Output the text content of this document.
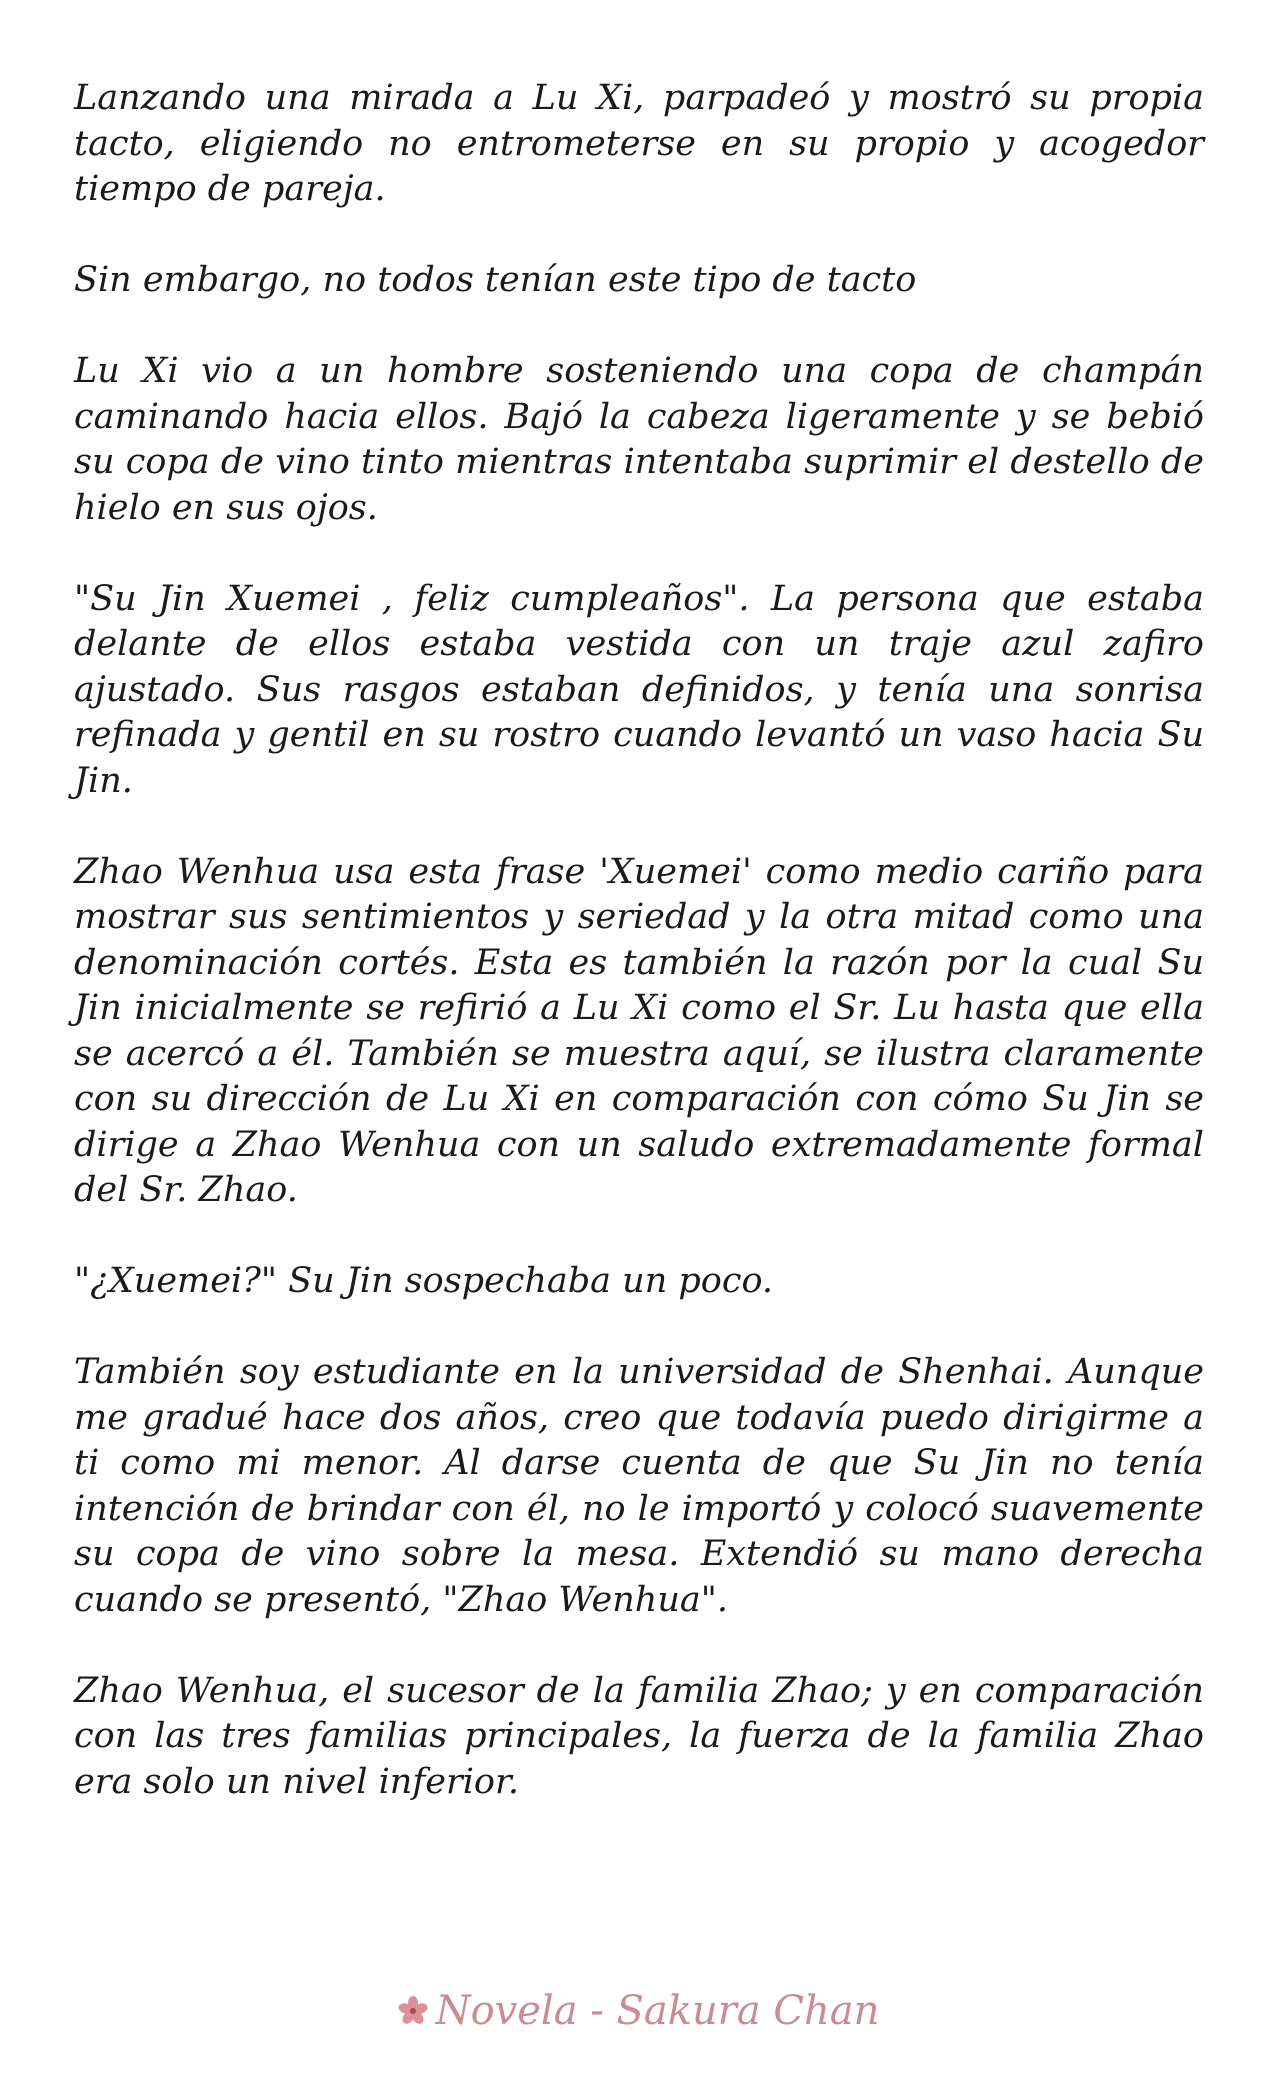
Lanzando una mirada a Lu Xi, parpadeó y mostró su propia tacto, eligiendo no entrometerse en su propio y acogedor tiempo de pareja.

Sin embargo, no todos tenían este tipo de tacto

Lu Xi vio a un hombre sosteniendo una copa de champán caminando hacia ellos. Bajó la cabeza ligeramente y se bebió su copa de vino tinto mientras intentaba suprimir el destello de hielo en sus ojos.

"Su Jin Xuemei , feliz cumpleaños". La persona que estaba delante de ellos estaba vestida con un traje azul zafiro ajustado. Sus rasgos estaban definidos, y tenía una sonrisa refinada y gentil en su rostro cuando levantó un vaso hacia Su Jin.

Zhao Wenhua usa esta frase 'Xuemei' como medio cariño para mostrar sus sentimientos y seriedad y la otra mitad como una denominación cortés. Esta es también la razón por la cual Su Jin inicialmente se refirió a Lu Xi como el Sr. Lu hasta que ella se acercó a él. También se muestra aquí, se ilustra claramente con su dirección de Lu Xi en comparación con cómo Su Jin se dirige a Zhao Wenhua con un saludo extremadamente formal del Sr. Zhao.

"¿Xuemei?" Su Jin sospechaba un poco.

También soy estudiante en la universidad de Shenhai. Aunque me gradué hace dos años, creo que todavía puedo dirigirme a ti como mi menor. Al darse cuenta de que Su Jin no tenía intención de brindar con él, no le importó y colocó suavemente su copa de vino sobre la mesa. Extendió su mano derecha cuando se presentó, "Zhao Wenhua".

Zhao Wenhua, el sucesor de la familia Zhao; y en comparación con las tres familias principales, la fuerza de la familia Zhao era solo un nivel inferior.

Novela - Sakura Chan
